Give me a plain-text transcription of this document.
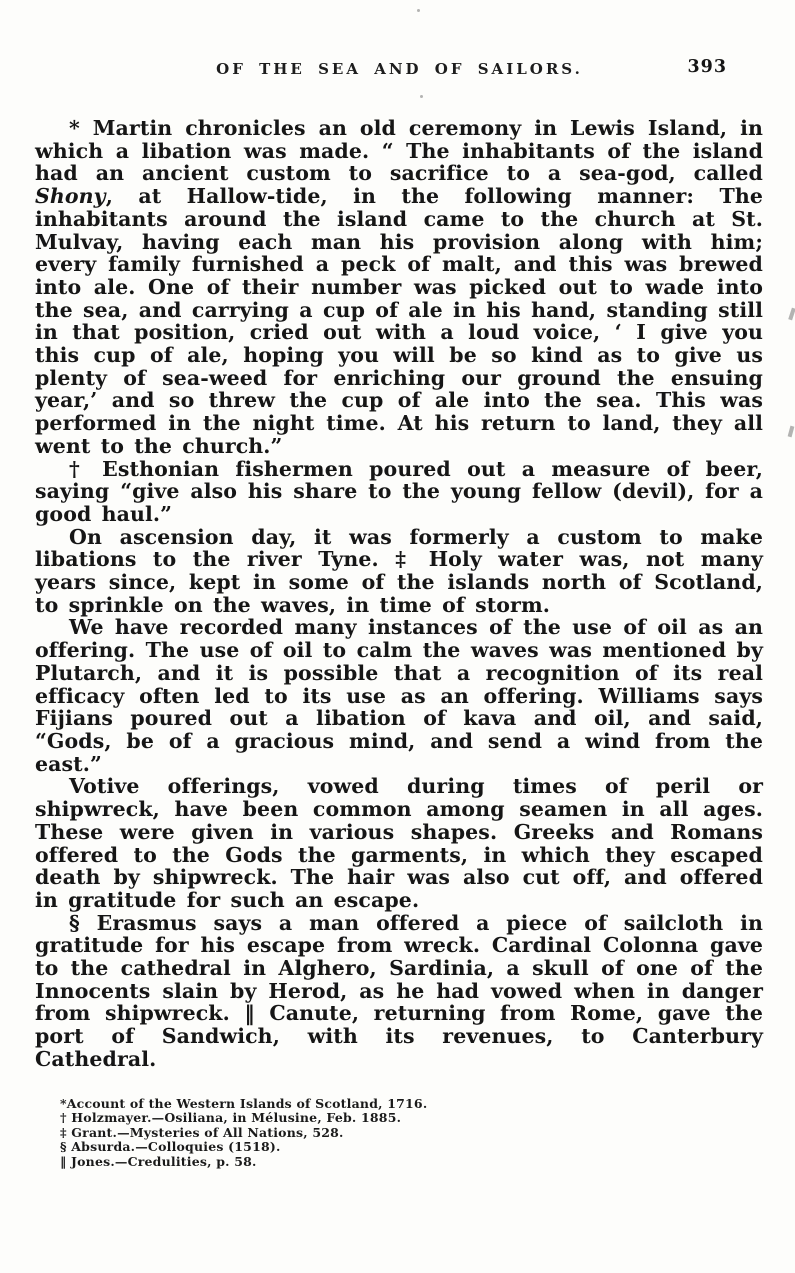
OF THE SEA AND OF SAILORS.	393

* Martin chronicles an old ceremony in Lewis Island, in which a libation was made. “ The inhabitants of the island had an ancient custom to sacrifice to a sea-god, called Shony, at Hallow-tide, in the following manner: The inhabitants around the island came to the church at St. Mulvay, having each man his provision along with him; every family furnished a peck of malt, and this was brewed into ale. One of their number was picked out to wade into the sea, and carrying a cup of ale in his hand, standing still in that position, cried out with a loud voice, ‘ I give you this cup of ale, hoping you will be so kind as to give us plenty of sea-weed for enriching our ground the ensuing year,’ and so threw the cup of ale into the sea. This was performed in the night time. At his return to land, they all went to the church.”

† Esthonian fishermen poured out a measure of beer, saying “give also his share to the young fellow (devil), for a good haul.”

On ascension day, it was formerly a custom to make libations to the river Tyne. ‡ Holy water was, not many years since, kept in some of the islands north of Scotland, to sprinkle on the waves, in time of storm.

We have recorded many instances of the use of oil as an offering. The use of oil to calm the waves was mentioned by Plutarch, and it is possible that a recognition of its real efficacy often led to its use as an offering. Williams says Fijians poured out a libation of kava and oil, and said, “Gods, be of a gracious mind, and send a wind from the east.”

Votive offerings, vowed during times of peril or shipwreck, have been common among seamen in all ages. These were given in various shapes. Greeks and Romans offered to the Gods the garments, in which they escaped death by shipwreck. The hair was also cut off, and offered in gratitude for such an escape.

§ Erasmus says a man offered a piece of sailcloth in gratitude for his escape from wreck. Cardinal Colonna gave to the cathedral in Alghero, Sardinia, a skull of one of the Innocents slain by Herod, as he had vowed when in danger from shipwreck. ‖ Canute, returning from Rome, gave the port of Sandwich, with its revenues, to Canterbury Cathedral.

*Account of the Western Islands of Scotland, 1716.
† Holzmayer.—Osiliana, in Mélusine, Feb. 1885.
‡ Grant.—Mysteries of All Nations, 528.
§ Absurda.—Colloquies (1518).
‖ Jones.—Credulities, p. 58.
